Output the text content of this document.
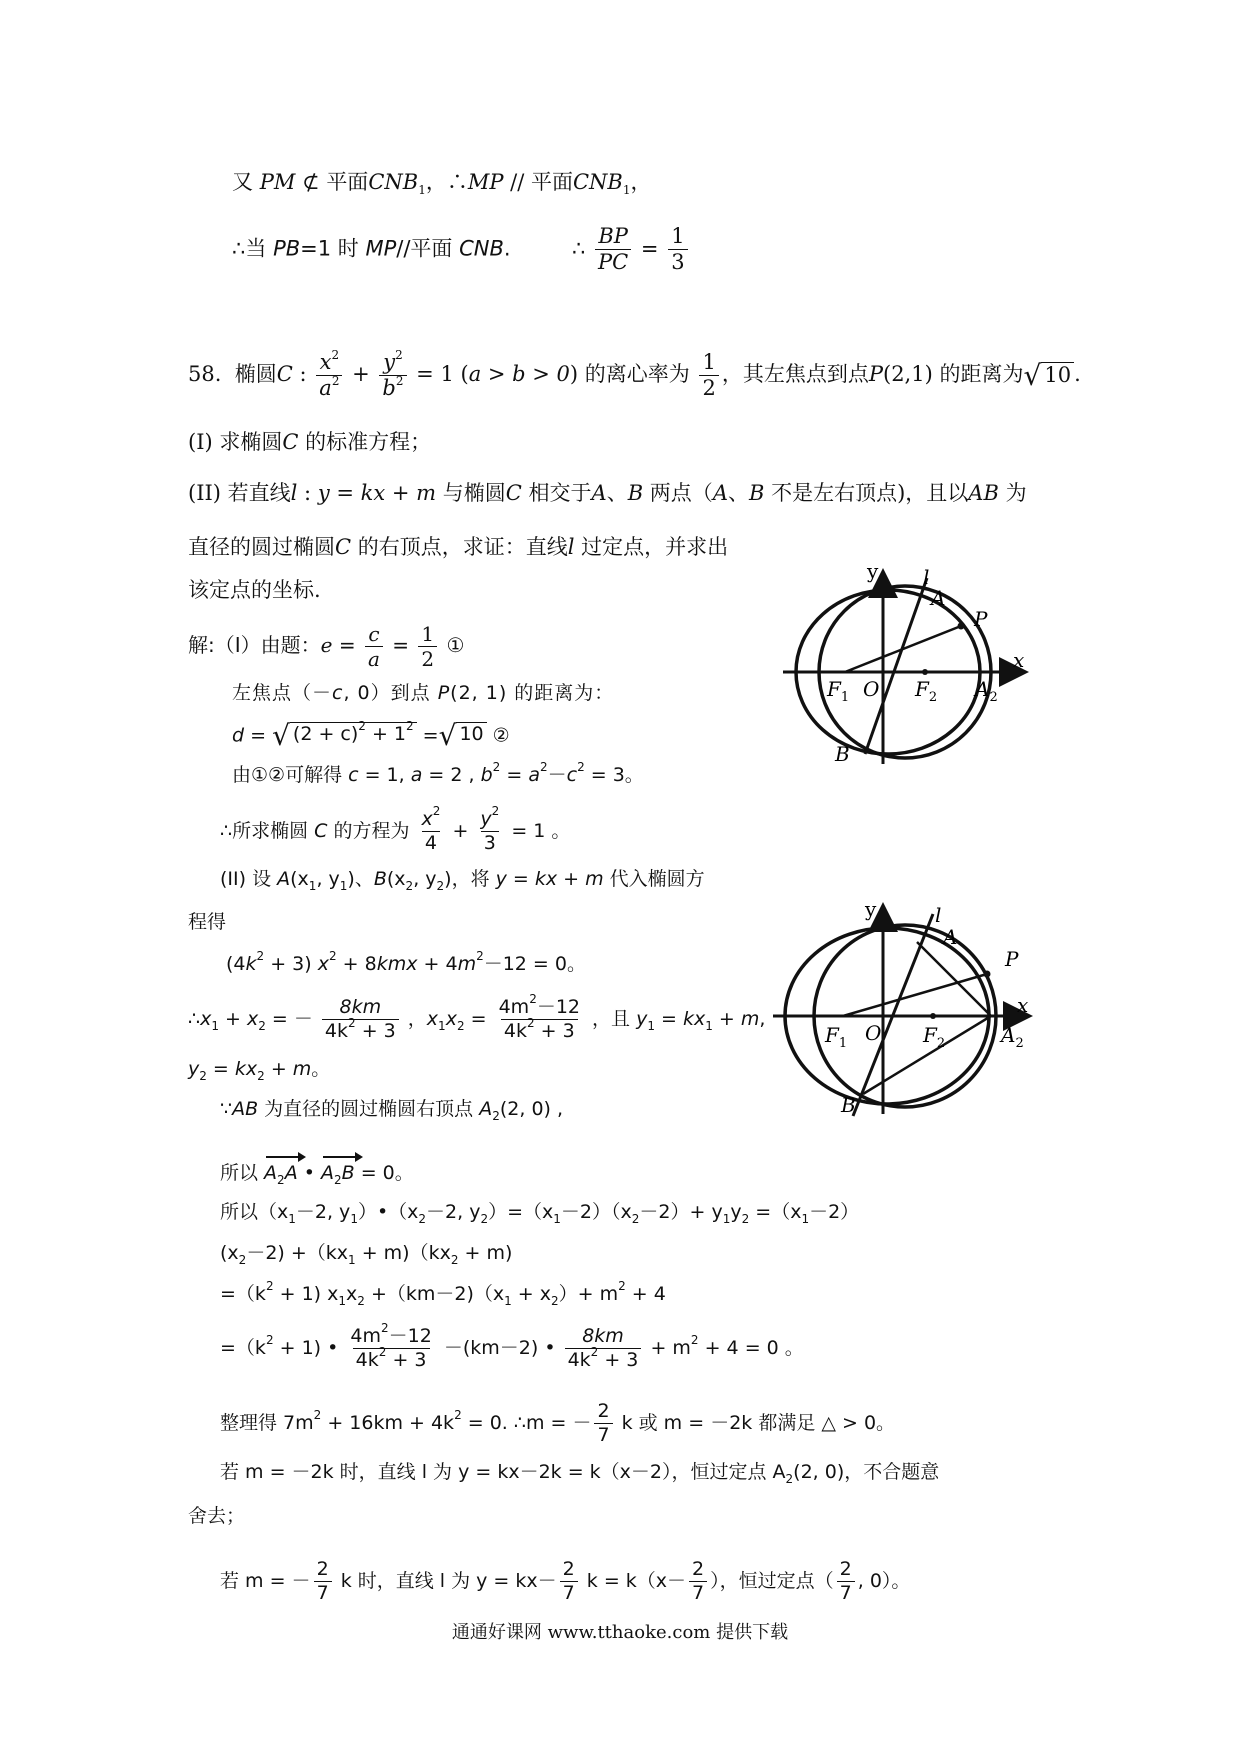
又 PM ⊄ 平面$CNB_1$，∴MP // 平面$CNB_1$，
∴当 PB=1 时 MP//平面 CNB.	∴ $\frac{BP}{PC} = \frac{1}{3}$
58. 椭圆C : $\frac{x^2}{a^2} + \frac{y^2}{b^2} = 1$ (a > b > 0) 的离心率为 $\frac{1}{2}$ ，其左焦点到点P(2,1) 的距离为 √ 10 .
(I) 求椭圆C 的标准方程；
(II) 若直线l : y = kx + m 与椭圆C 相交于A、B 两点（A、B 不是左右顶点)，且以AB 为
直径的圆过椭圆C 的右顶点，求证：直线l 过定点，并求出
该定点的坐标.
解:（I）由题：$e = \frac{c}{a} = \frac{1}{2}$ ①
左焦点（－c, 0）到点 P(2, 1) 的距离为：
d = √ $(2 + c)^2 + 1^2$ = √ 10 ②
由①②可解得 c = 1, a = 2 , $b^2 = a^2-c^2 = 3$。
∴所求椭圆 C 的方程为 $\frac{x^2}{4} + \frac{y^2}{3} = 1$ 。
(II) 设 $A(x_1$, $y_1$)、$B(x_2$, $y_2$)，将 y = kx + m 代入椭圆方
程得
$(4k^2 + 3) x^2 + 8kmx + 4m^2-12 = 0$。
$\therefore x_1 + x_2$ = － $\frac{8km}{4k^2 + 3}$ ，$x_1x_2 = \frac{4m^2-12}{4k^2 + 3}$ ，且 $y_1 = kx_1 + m$,
$y_2 = kx_2 + m$。
∵AB 为直径的圆过椭圆右顶点 $A_2(2$, 0) ,
所以
$A_2A$ •
$A_2B = 0$。
所以（$x_1-2$, $y_1)•(x_2-2$, $y_2)=(x_1-2)(x_2-2)+ y_1y_2 =(x_1-2)$
$(x_2-2) +(kx_1 + m)(kx_2 + m)$
$=(k^2 + 1)$ $x_1x_2 +(km-2)(x_1 + x_2)+ m^2 + 4$
$=(k^2 + 1)$ • $\frac{4m^2-12}{4k^2 + 3} -(km-2)$ • $\frac{8km}{4k^2 + 3} + m^2 + 4 = 0$ 。
整理得 $7m^2 + 16km + 4k^2 = 0$. ∴m = － $\frac{2}{7}$ k 或 m = －2k 都满足 △ > 0。
若 m = －2k 时，直线 l 为 y = kx－2k = k（x－2），恒过定点 $A_2(2$, 0)，不合题意
舍去；
若 m = － $\frac{2}{7}$ k 时，直线 l 为 $y = kx- \frac{2}{7}$ $k = k(x- \frac{2}{7}$ ），恒过定点（ $\frac{2}{7}$ , 0）。
y
x
l
A
P
$F_1$ O $F_2$ $A_2$
B
y
x
l
A
P
$F_1$ O $F_2$	$A_2$
B
通通好课网 www.tthaoke.com 提供下载
